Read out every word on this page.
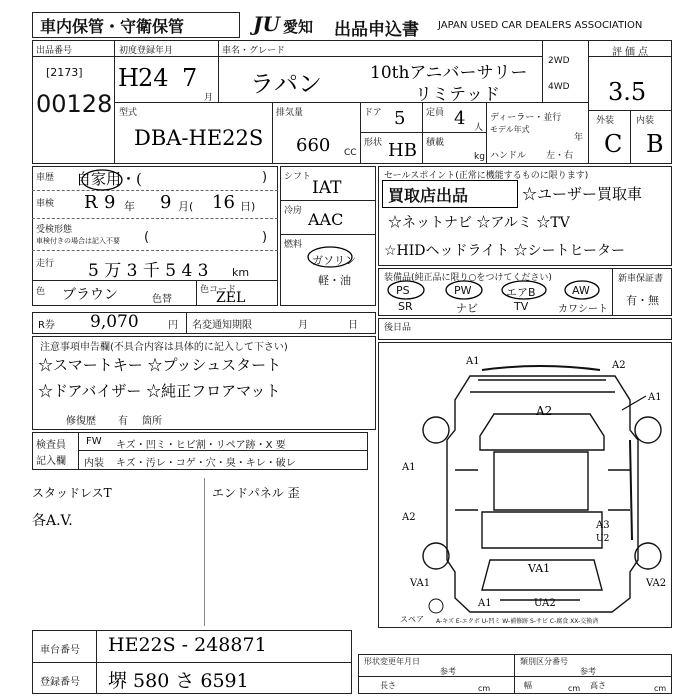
車内保管・守衛保管	JU 愛知 出品申込書 JAPAN USED CAR DEALERS ASSOCIATION
出品番号
[2173]
00128
初度登録年月
H 24 7
月
車名・グレード
ラパン	10thアニバーサリー
リミテッド
2WD
4WD
評価点
3.5
外装 内装
C B
型式
DBA-HE22S
排気量
660 CC
ドア 5 定員 4 人
形状 HB 積載
kg
ディーラー・並行
モデル年式
年
ハンドル 左・右
車歴 自家用・(	)
車検 R 9 年 9 月( 16 日)
受検形態
車検付きの場合は記入不要 (	)
走行 5 万 3 千 5 4 3 km
色 ブラウン	色替
色コード
ZEL
シフト
IAT
冷房 AAC
燃料
ガソリン
軽・油
セールスポイント(正常に機能するものに限ります)
買取店出品	☆ユーザー買取車
☆ネットナビ ☆アルミ ☆TV
☆HIDヘッドライト ☆シートヒーター
装備品(純正品に限り○をつけてください)	新車保証書
有・無
PS	PW	エアB	AW
SR	ナビ	TV	カワシート
R券 9,070	円 名変通知期限	月	日
注意事項申告欄(不具合内容は具体的に記入して下さい)
☆スマートキー ☆プッシュスタート
☆ドアバイザー ☆純正フロアマット
修復歴 有 箇所
後日品
検査員
記入欄
FW キズ・凹ミ・ヒビ割・リペア跡・X 要
内装 キズ・汚レ・コゲ・穴・臭・キレ・破レ
スタッドレスT
各A.V.
エンドパネル 歪
A1	A2
A2
A1
A1
A2
A3
U2
VA1
VA1	VA2
A1	UA2
スペア A-キズ E-エクボ U-凹ミ W-補修跡 S-サビ C-腐食 XX-交換済
車台番号 HE22S - 248871
登録番号 堺 580 さ 6591
形状変更年月日
参考
類別区分番号
参考
長さ	cm	幅	cm 高さ	cm
